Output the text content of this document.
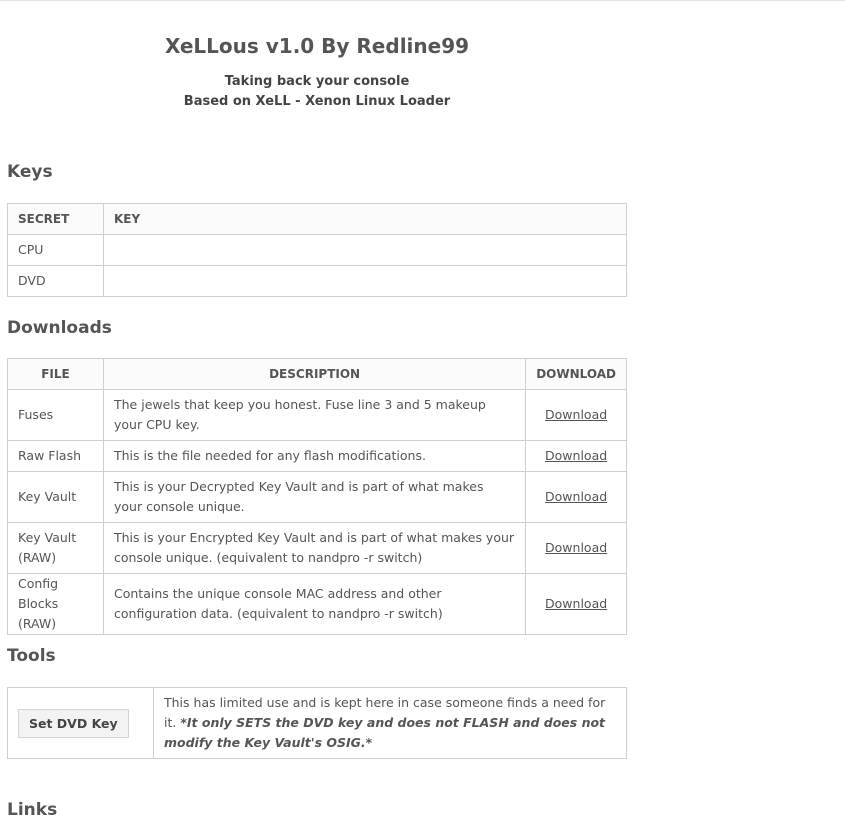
XeLLous v1.0 By Redline99
Taking back your console
Based on XeLL - Xenon Linux Loader
Keys
SECRET	KEY
CPU	
DVD	
Downloads
FILE	DESCRIPTION	DOWNLOAD
Fuses	The jewels that keep you honest. Fuse line 3 and 5 makeup your CPU key.	Download
Raw Flash	This is the file needed for any flash modifications.	Download
Key Vault	This is your Decrypted Key Vault and is part of what makes your console unique.	Download
Key Vault (RAW)	This is your Encrypted Key Vault and is part of what makes your console unique. (equivalent to nandpro -r switch)	Download
Config Blocks (RAW)	Contains the unique console MAC address and other configuration data. (equivalent to nandpro -r switch)	Download
Tools
Set DVD Key	This has limited use and is kept here in case someone finds a need for it. *It only SETS the DVD key and does not FLASH and does not modify the Key Vault's OSIG.*
Links
